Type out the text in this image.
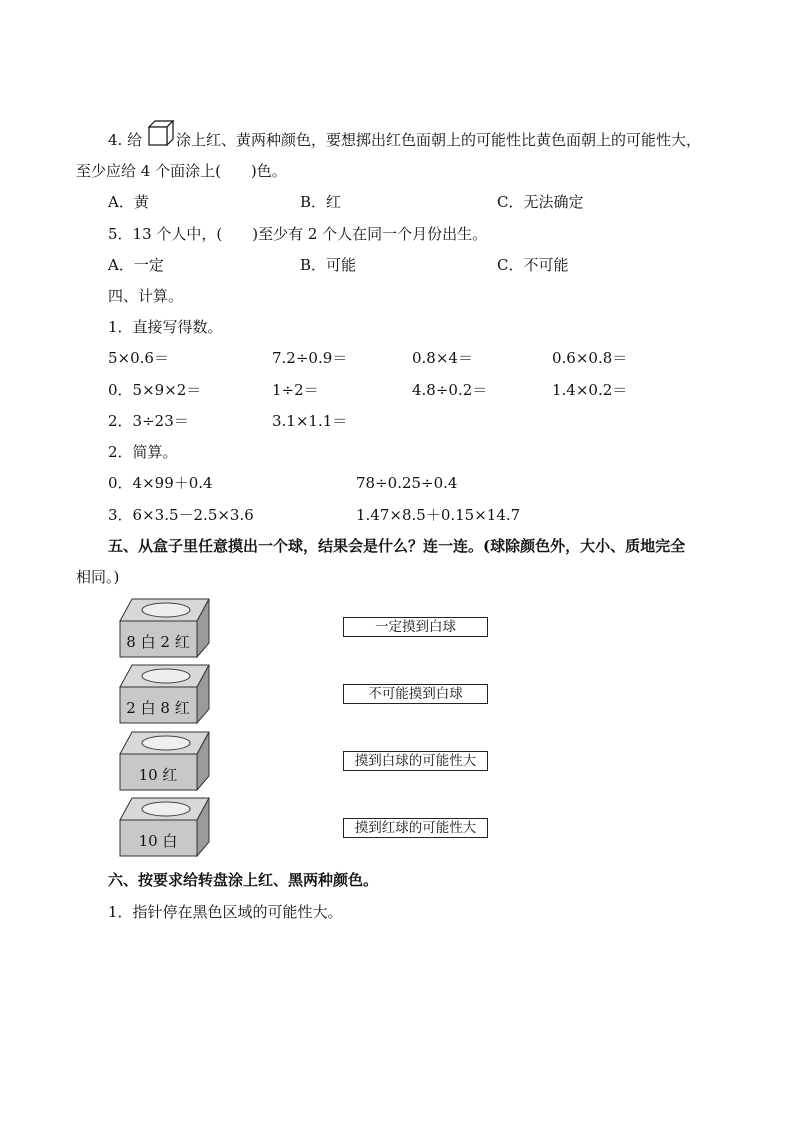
4. 给 涂上红、黄两种颜色，要想掷出红色面朝上的可能性比黄色面朝上的可能性大，
至少应给 4 个面涂上(　　)色。
A．黄	B．红	C．无法确定
5．13 个人中，(　　)至少有 2 个人在同一个月份出生。
A．一定	B．可能	C．不可能
四、计算。
1．直接写得数。
5×0.6＝	7.2÷0.9＝	0.8×4＝	0.6×0.8＝
0．5×9×2＝	1÷2＝	4.8÷0.2＝	1.4×0.2＝
2．3÷23＝	3.1×1.1＝
2．简算。
0．4×99＋0.4	78÷0.25÷0.4
3．6×3.5－2.5×3.6	1.47×8.5＋0.15×14.7
五、从盒子里任意摸出一个球，结果会是什么？连一连。(球除颜色外，大小、质地完全
相同。)
8 白 2 红
2 白 8 红
10 红
10 白
一定摸到白球
不可能摸到白球
摸到白球的可能性大
摸到红球的可能性大
六、按要求给转盘涂上红、黑两种颜色。
1．指针停在黑色区域的可能性大。
